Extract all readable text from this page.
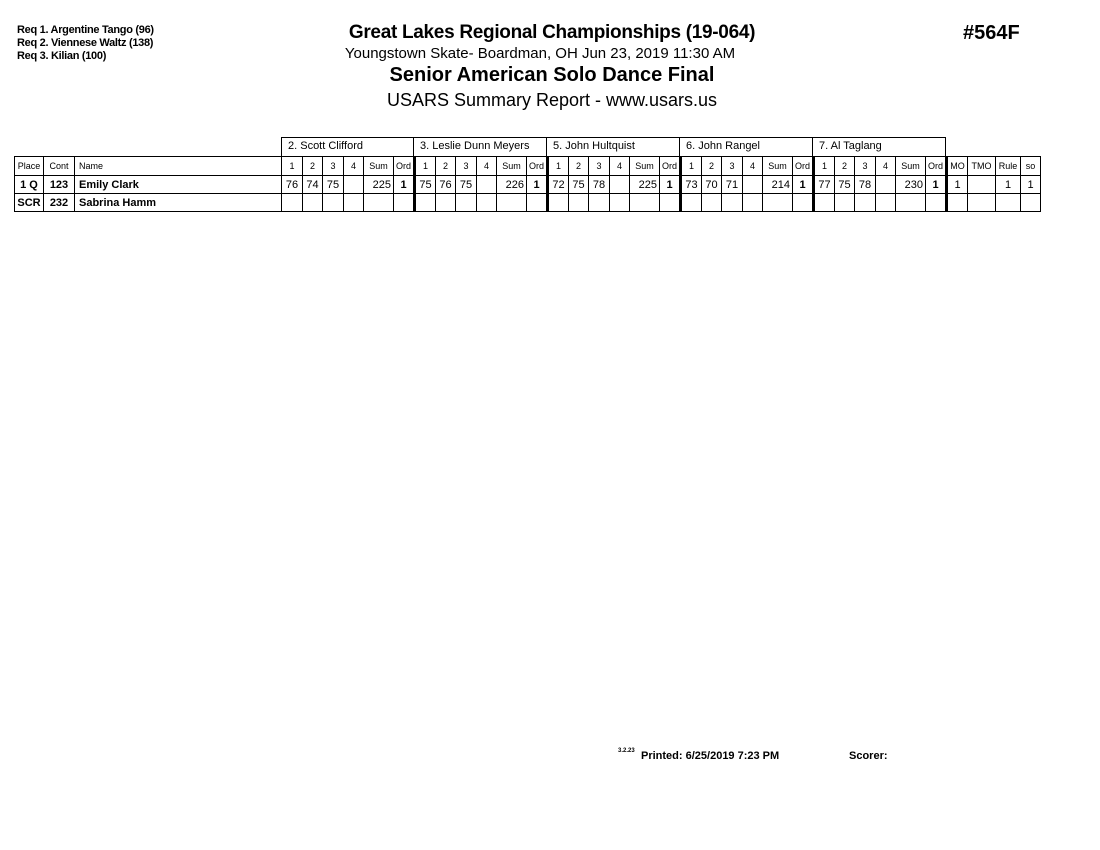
Req 1. Argentine Tango (96)
Req 2. Viennese Waltz (138)
Req 3. Kilian (100)
Great Lakes Regional Championships (19-064)
Youngstown Skate- Boardman, OH Jun 23, 2019 11:30 AM
Senior American Solo Dance Final
USARS Summary Report - www.usars.us
#564F
2. Scott Clifford	3. Leslie Dunn Meyers	5. John Hultquist	6. John Rangel	7. Al Taglang
Place	Cont	Name	1	2	3	4	Sum	Ord	1	2	3	4	Sum	Ord	1	2	3	4	Sum	Ord	1	2	3	4	Sum	Ord	1	2	3	4	Sum	Ord	MO	TMO	Rule	so
1 Q	123	Emily Clark	76	74	75		225	1	75	76	75		226	1	72	75	78		225	1	73	70	71		214	1	77	75	78		230	1	1		1	1
SCR	232	Sabrina Hamm																																		
3.2.23 Printed: 6/25/2019 7:23 PM	Scorer:
